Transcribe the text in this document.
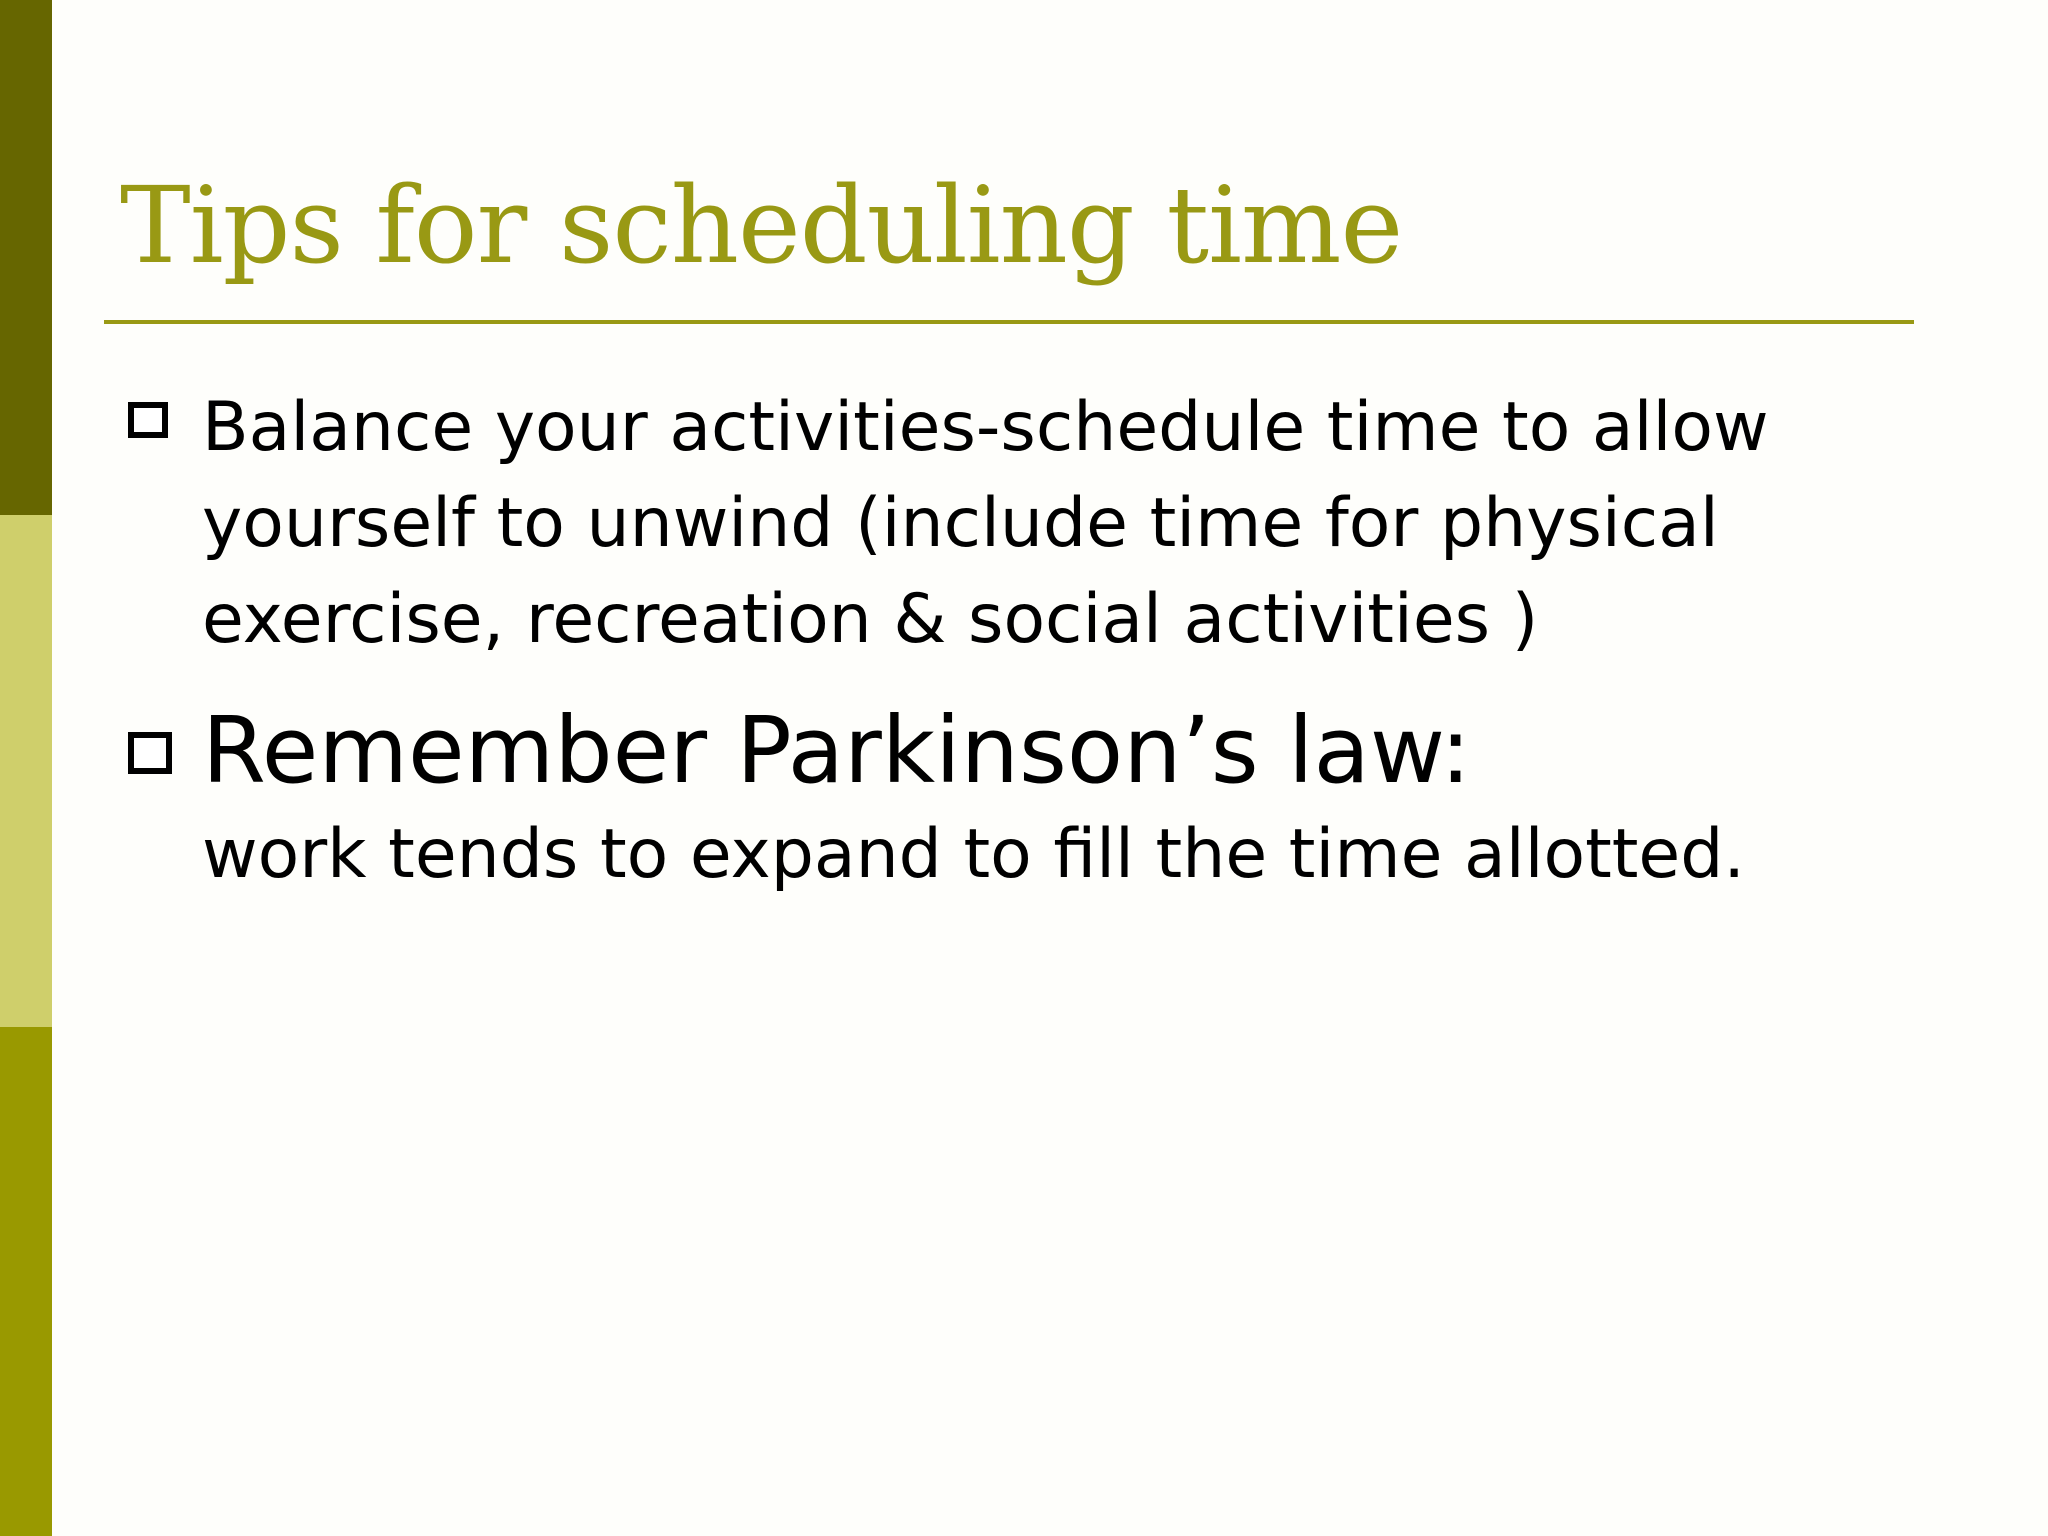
Tips for scheduling time
Balance your activities-schedule time to allow yourself to unwind (include time for physical exercise, recreation & social activities )
Remember Parkinson’s law:
work tends to expand to fill the time allotted.
